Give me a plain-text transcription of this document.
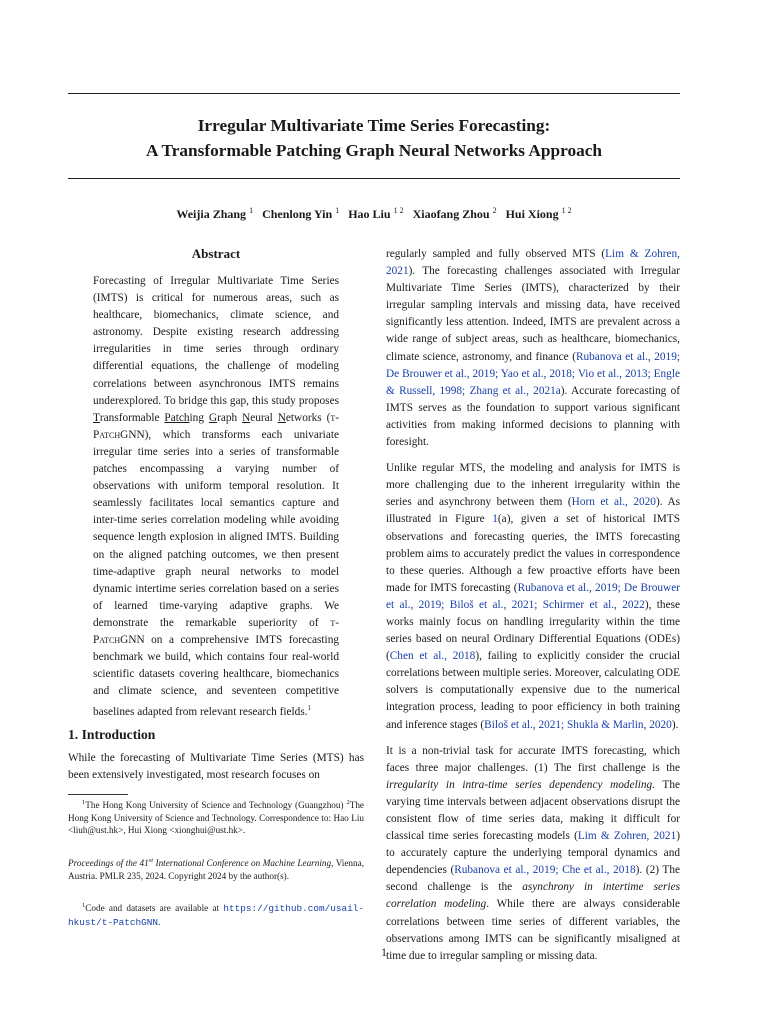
Irregular Multivariate Time Series Forecasting:
A Transformable Patching Graph Neural Networks Approach
Weijia Zhang $^1$ Chenlong Yin $^1$ Hao Liu $^{1 2}$ Xiaofang Zhou $^2$ Hui Xiong $^{1 2}$
Abstract

Forecasting of Irregular Multivariate Time Series (IMTS) is critical for numerous areas, such as healthcare, biomechanics, climate science, and astronomy. Despite existing research addressing irregularities in time series through ordinary differential equations, the challenge of modeling correlations between asynchronous IMTS remains underexplored. To bridge this gap, this study proposes Transformable Patching Graph Neural Networks (t-PatchGNN), which transforms each univariate irregular time series into a series of transformable patches encompassing a varying number of observations with uniform temporal resolution. It seamlessly facilitates local semantics capture and inter-time series correlation modeling while avoiding sequence length explosion in aligned IMTS. Building on the aligned patching outcomes, we then present time-adaptive graph neural networks to model dynamic intertime series correlation based on a series of learned time-varying adaptive graphs. We demonstrate the remarkable superiority of t-PatchGNN on a comprehensive IMTS forecasting benchmark we build, which contains four real-world scientific datasets covering healthcare, biomechanics and climate science, and seventeen competitive baselines adapted from relevant research fields.$^1$

1. Introduction

While the forecasting of Multivariate Time Series (MTS) has been extensively investigated, most research focuses on

$^1$The Hong Kong University of Science and Technology (Guangzhou) $^2$The Hong Kong University of Science and Technology. Correspondence to: Hao Liu <liuh@ust.hk>, Hui Xiong <xionghui@ust.hk>.
Proceedings of the 41st International Conference on Machine Learning, Vienna, Austria. PMLR 235, 2024. Copyright 2024 by the author(s).
$^1$Code and datasets are available at https://github.com/usail-hkust/t-PatchGNN.

regularly sampled and fully observed MTS (Lim & Zohren, 2021). The forecasting challenges associated with Irregular Multivariate Time Series (IMTS), characterized by their irregular sampling intervals and missing data, have received significantly less attention. Indeed, IMTS are prevalent across a wide range of subject areas, such as healthcare, biomechanics, climate science, astronomy, and finance (Rubanova et al., 2019; De Brouwer et al., 2019; Yao et al., 2018; Vio et al., 2013; Engle & Russell, 1998; Zhang et al., 2021a). Accurate forecasting of IMTS serves as the foundation to support various significant activities from making informed decisions to planning with foresight.

Unlike regular MTS, the modeling and analysis for IMTS is more challenging due to the inherent irregularity within the series and asynchrony between them (Horn et al., 2020). As illustrated in Figure 1(a), given a set of historical IMTS observations and forecasting queries, the IMTS forecasting problem aims to accurately predict the values in correspondence to these queries. Although a few proactive efforts have been made for IMTS forecasting (Rubanova et al., 2019; De Brouwer et al., 2019; Biloš et al., 2021; Schirmer et al., 2022), these works mainly focus on handling irregularity within the time series based on neural Ordinary Differential Equations (ODEs) (Chen et al., 2018), failing to explicitly consider the crucial correlations between multiple series. Moreover, calculating ODE solvers is computationally expensive due to the numerical integration process, leading to poor efficiency in both training and inference stages (Biloš et al., 2021; Shukla & Marlin, 2020).

It is a non-trivial task for accurate IMTS forecasting, which faces three major challenges. (1) The first challenge is the irregularity in intra-time series dependency modeling. The varying time intervals between adjacent observations disrupt the consistent flow of time series data, making it difficult for classical time series forecasting models (Lim & Zohren, 2021) to accurately capture the underlying temporal dynamics and dependencies (Rubanova et al., 2019; Che et al., 2018). (2) The second challenge is the asynchrony in intertime series correlation modeling. While there are always considerable correlations between time series of different variables, the observations among IMTS can be significantly misaligned at time due to irregular sampling or missing data.

1
